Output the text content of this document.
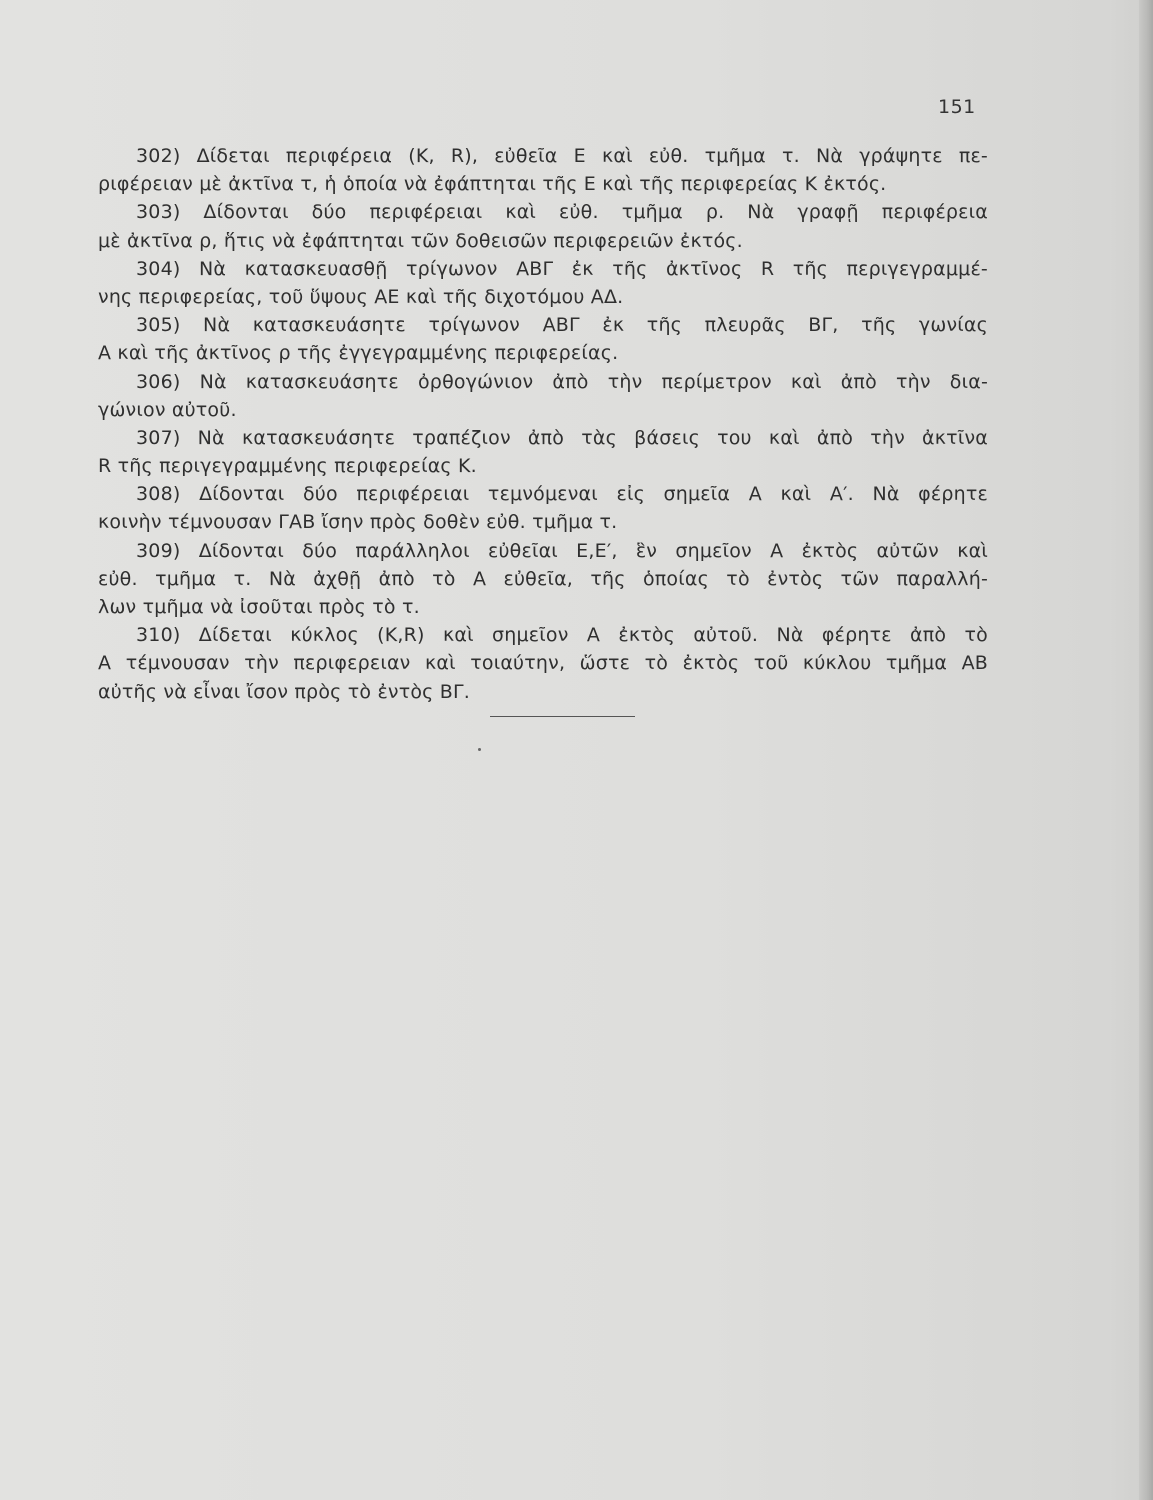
151
302) Δίδεται περιφέρεια (Κ, R), εὐθεῖα Ε καὶ εὐθ. τμῆμα τ. Νὰ γράψητε πε-
ριφέρειαν μὲ ἀκτῖνα τ, ἡ ὁποία νὰ ἐφάπτηται τῆς Ε καὶ τῆς περιφερείας Κ ἐκτός.
303) Δίδονται δύο περιφέρειαι καὶ εὐθ. τμῆμα ρ. Νὰ γραφῇ περιφέρεια
μὲ ἀκτῖνα ρ, ἥτις νὰ ἐφάπτηται τῶν δοθεισῶν περιφερειῶν ἐκτός.
304) Νὰ κατασκευασθῇ τρίγωνον ΑΒΓ ἐκ τῆς ἀκτῖνος R τῆς περιγεγραμμέ-
νης περιφερείας, τοῦ ὕψους ΑΕ καὶ τῆς διχοτόμου ΑΔ.
305) Νὰ κατασκευάσητε τρίγωνον ΑΒΓ ἐκ τῆς πλευρᾶς ΒΓ, τῆς γωνίας
Α καὶ τῆς ἀκτῖνος ρ τῆς ἐγγεγραμμένης περιφερείας.
306) Νὰ κατασκευάσητε ὀρθογώνιον ἀπὸ τὴν περίμετρον καὶ ἀπὸ τὴν δια-
γώνιον αὐτοῦ.
307) Νὰ κατασκευάσητε τραπέζιον ἀπὸ τὰς βάσεις του καὶ ἀπὸ τὴν ἀκτῖνα
R τῆς περιγεγραμμένης περιφερείας Κ.
308) Δίδονται δύο περιφέρειαι τεμνόμεναι εἰς σημεῖα Α καὶ Α′. Νὰ φέρητε
κοινὴν τέμνουσαν ΓΑΒ ἴσην πρὸς δοθὲν εὐθ. τμῆμα τ.
309) Δίδονται δύο παράλληλοι εὐθεῖαι Ε,Ε′, ἓν σημεῖον Α ἐκτὸς αὐτῶν καὶ
εὐθ. τμῆμα τ. Νὰ ἀχθῇ ἀπὸ τὸ Α εὐθεῖα, τῆς ὁποίας τὸ ἐντὸς τῶν παραλλή-
λων τμῆμα νὰ ἰσοῦται πρὸς τὸ τ.
310) Δίδεται κύκλος (Κ,R) καὶ σημεῖον Α ἐκτὸς αὐτοῦ. Νὰ φέρητε ἀπὸ τὸ
Α τέμνουσαν τὴν περιφερειαν καὶ τοιαύτην, ὥστε τὸ ἐκτὸς τοῦ κύκλου τμῆμα ΑΒ
αὐτῆς νὰ εἶναι ἴσον πρὸς τὸ ἐντὸς ΒΓ.
